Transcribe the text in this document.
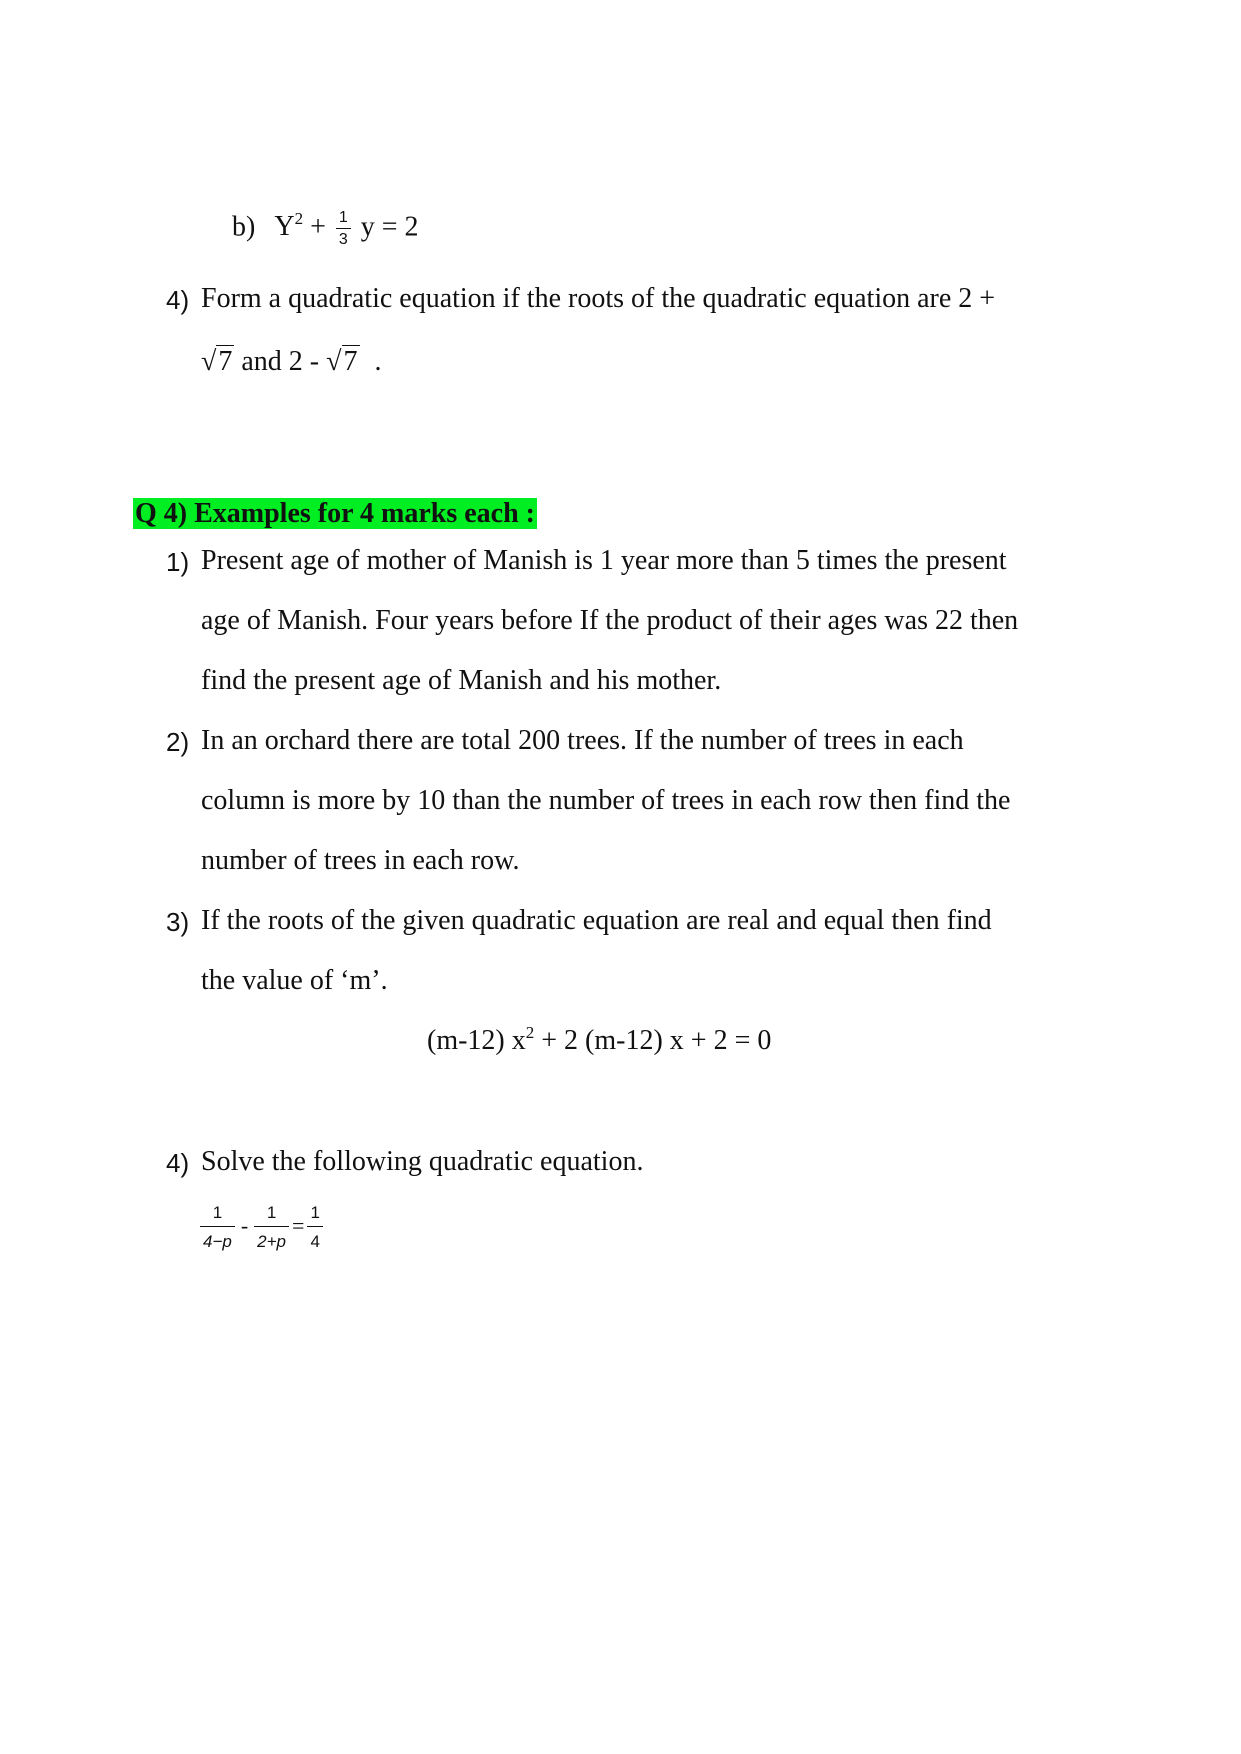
b) $Y^2 + \frac{1}{3}$ y = 2
4) Form a quadratic equation if the roots of the quadratic equation are 2 +
√7 and 2 - √7 .
Q 4) Examples for 4 marks each :
1) Present age of mother of Manish is 1 year more than 5 times the present
age of Manish. Four years before If the product of their ages was 22 then
find the present age of Manish and his mother.
2) In an orchard there are total 200 trees. If the number of trees in each
column is more by 10 than the number of trees in each row then find the
number of trees in each row.
3) If the roots of the given quadratic equation are real and equal then find
the value of ‘m’.
(m-12) $x^2 + 2$ (m-12) x + 2 = 0
4) Solve the following quadratic equation.
$\frac{1}{4-p} - \frac{1}{2+p} = \frac{1}{4}$
